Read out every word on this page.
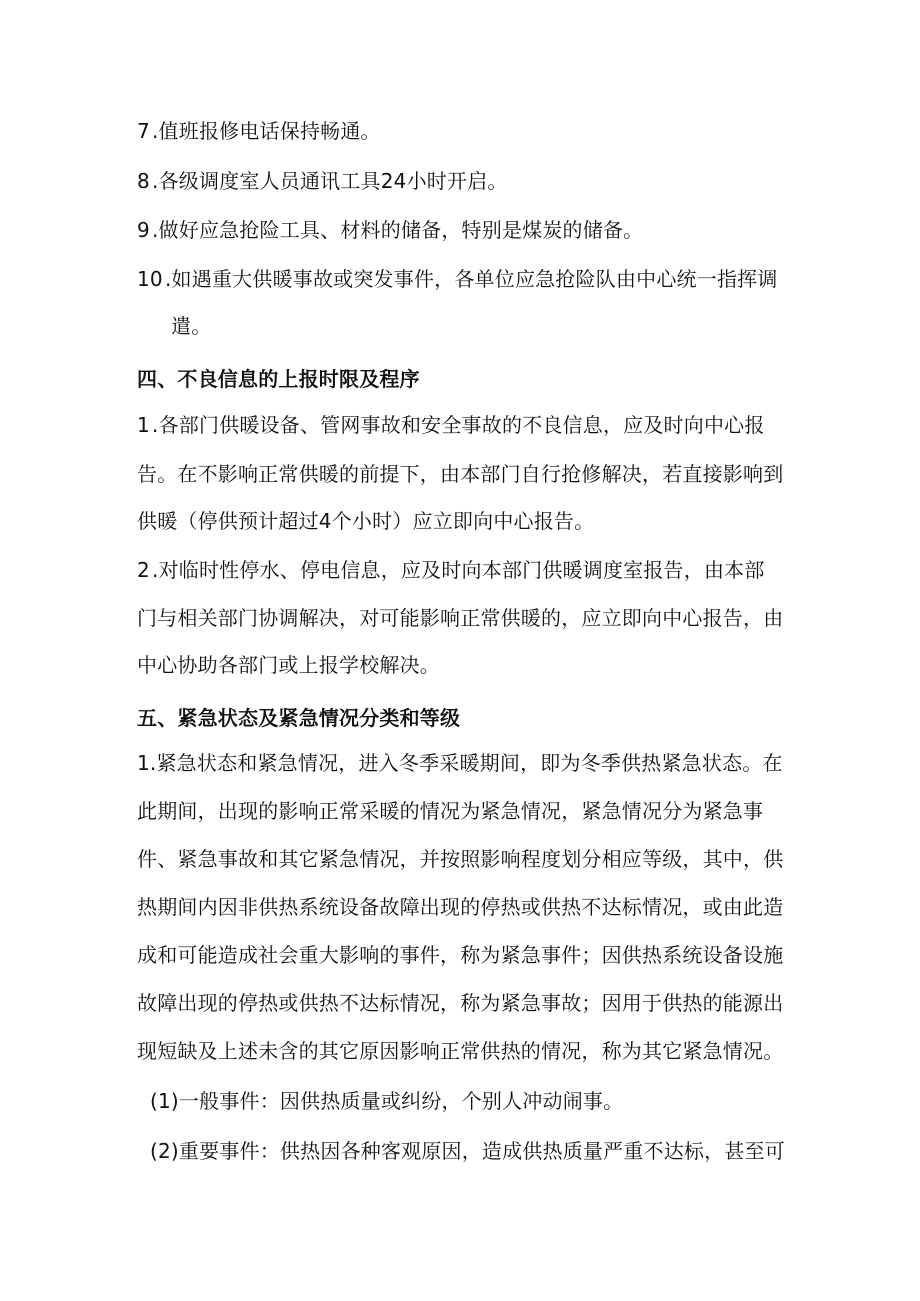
7 .值班报修电话保持畅通。
8 .各级调度室人员通讯工具24小时开启。
9 .做好应急抢险工具、材料的储备，特别是煤炭的储备。
10 .如遇重大供暖事故或突发事件，各单位应急抢险队由中心统一指挥调
遣。
四、不良信息的上报时限及程序
1 .各部门供暖设备、管网事故和安全事故的不良信息，应及时向中心报
告。在不影响正常供暖的前提下，由本部门自行抢修解决，若直接影响到
供暖（停供预计超过4个小时）应立即向中心报告。
2 .对临时性停水、停电信息，应及时向本部门供暖调度室报告，由本部
门与相关部门协调解决，对可能影响正常供暖的，应立即向中心报告，由
中心协助各部门或上报学校解决。
五、紧急状态及紧急情况分类和等级
1.紧急状态和紧急情况，进入冬季采暖期间，即为冬季供热紧急状态。在
此期间，出现的影响正常采暖的情况为紧急情况，紧急情况分为紧急事
件、紧急事故和其它紧急情况，并按照影响程度划分相应等级，其中，供
热期间内因非供热系统设备故障出现的停热或供热不达标情况，或由此造
成和可能造成社会重大影响的事件，称为紧急事件；因供热系统设备设施
故障出现的停热或供热不达标情况，称为紧急事故；因用于供热的能源出
现短缺及上述未含的其它原因影响正常供热的情况，称为其它紧急情况。
(1)一般事件：因供热质量或纠纷，个别人冲动闹事。
(2)重要事件：供热因各种客观原因，造成供热质量严重不达标，甚至可
